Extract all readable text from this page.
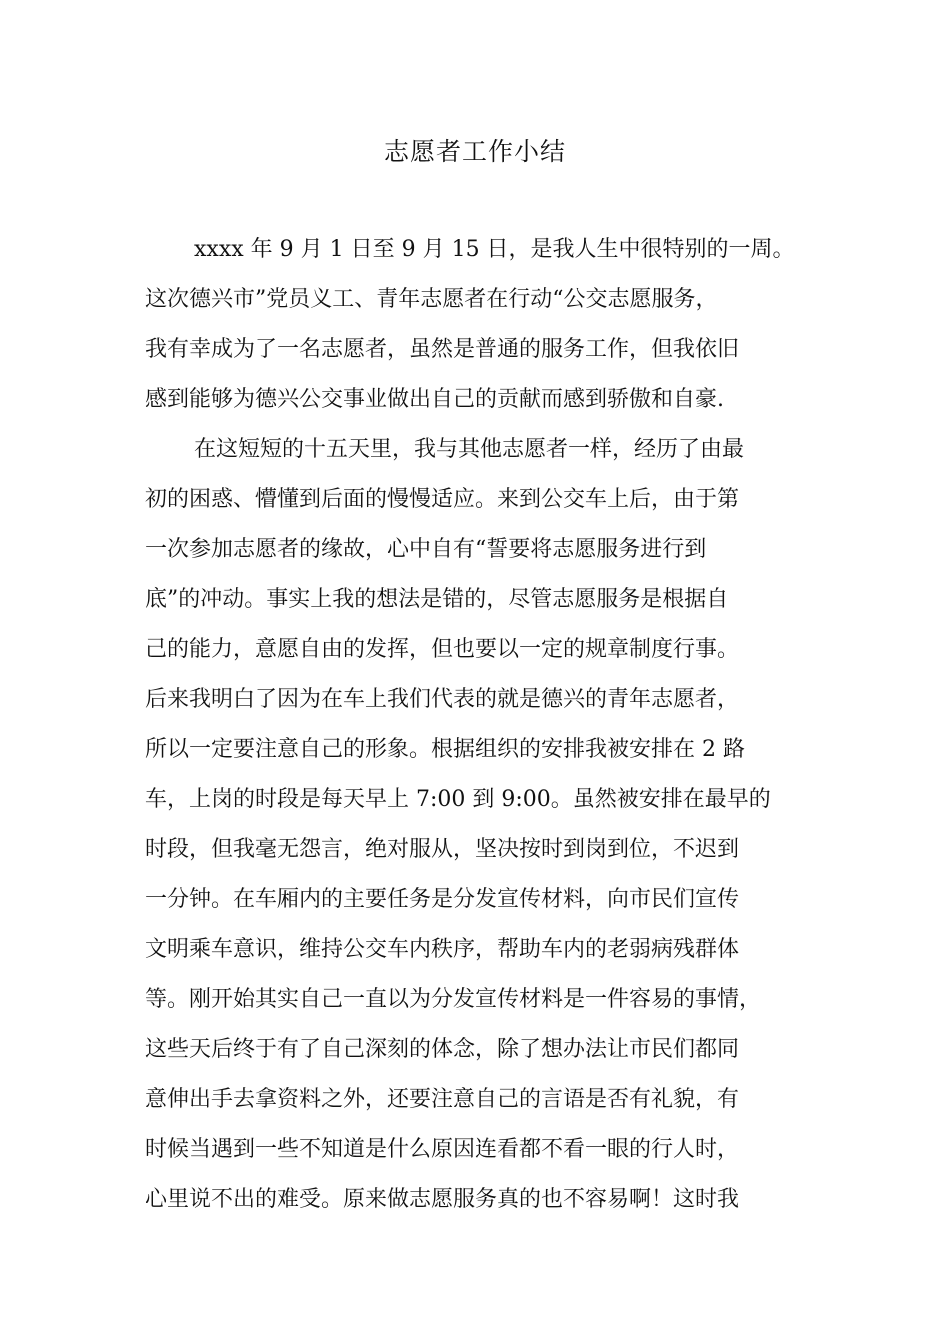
志愿者工作小结
xxxx 年 9 月 1 日至 9 月 15 日，是我人生中很特别的一周。
这次德兴市”党员义工、青年志愿者在行动“公交志愿服务，
我有幸成为了一名志愿者，虽然是普通的服务工作，但我依旧
感到能够为德兴公交事业做出自己的贡献而感到骄傲和自豪.
在这短短的十五天里，我与其他志愿者一样，经历了由最
初的困惑、懵懂到后面的慢慢适应。来到公交车上后，由于第
一次参加志愿者的缘故，心中自有“誓要将志愿服务进行到
底”的冲动。事实上我的想法是错的，尽管志愿服务是根据自
己的能力，意愿自由的发挥，但也要以一定的规章制度行事。
后来我明白了因为在车上我们代表的就是德兴的青年志愿者，
所以一定要注意自己的形象。根据组织的安排我被安排在 2 路
车，上岗的时段是每天早上 7:00 到 9:00。虽然被安排在最早的
时段，但我毫无怨言，绝对服从，坚决按时到岗到位，不迟到
一分钟。在车厢内的主要任务是分发宣传材料，向市民们宣传
文明乘车意识，维持公交车内秩序，帮助车内的老弱病残群体
等。刚开始其实自己一直以为分发宣传材料是一件容易的事情，
这些天后终于有了自己深刻的体念，除了想办法让市民们都同
意伸出手去拿资料之外，还要注意自己的言语是否有礼貌，有
时候当遇到一些不知道是什么原因连看都不看一眼的行人时，
心里说不出的难受。原来做志愿服务真的也不容易啊！这时我
